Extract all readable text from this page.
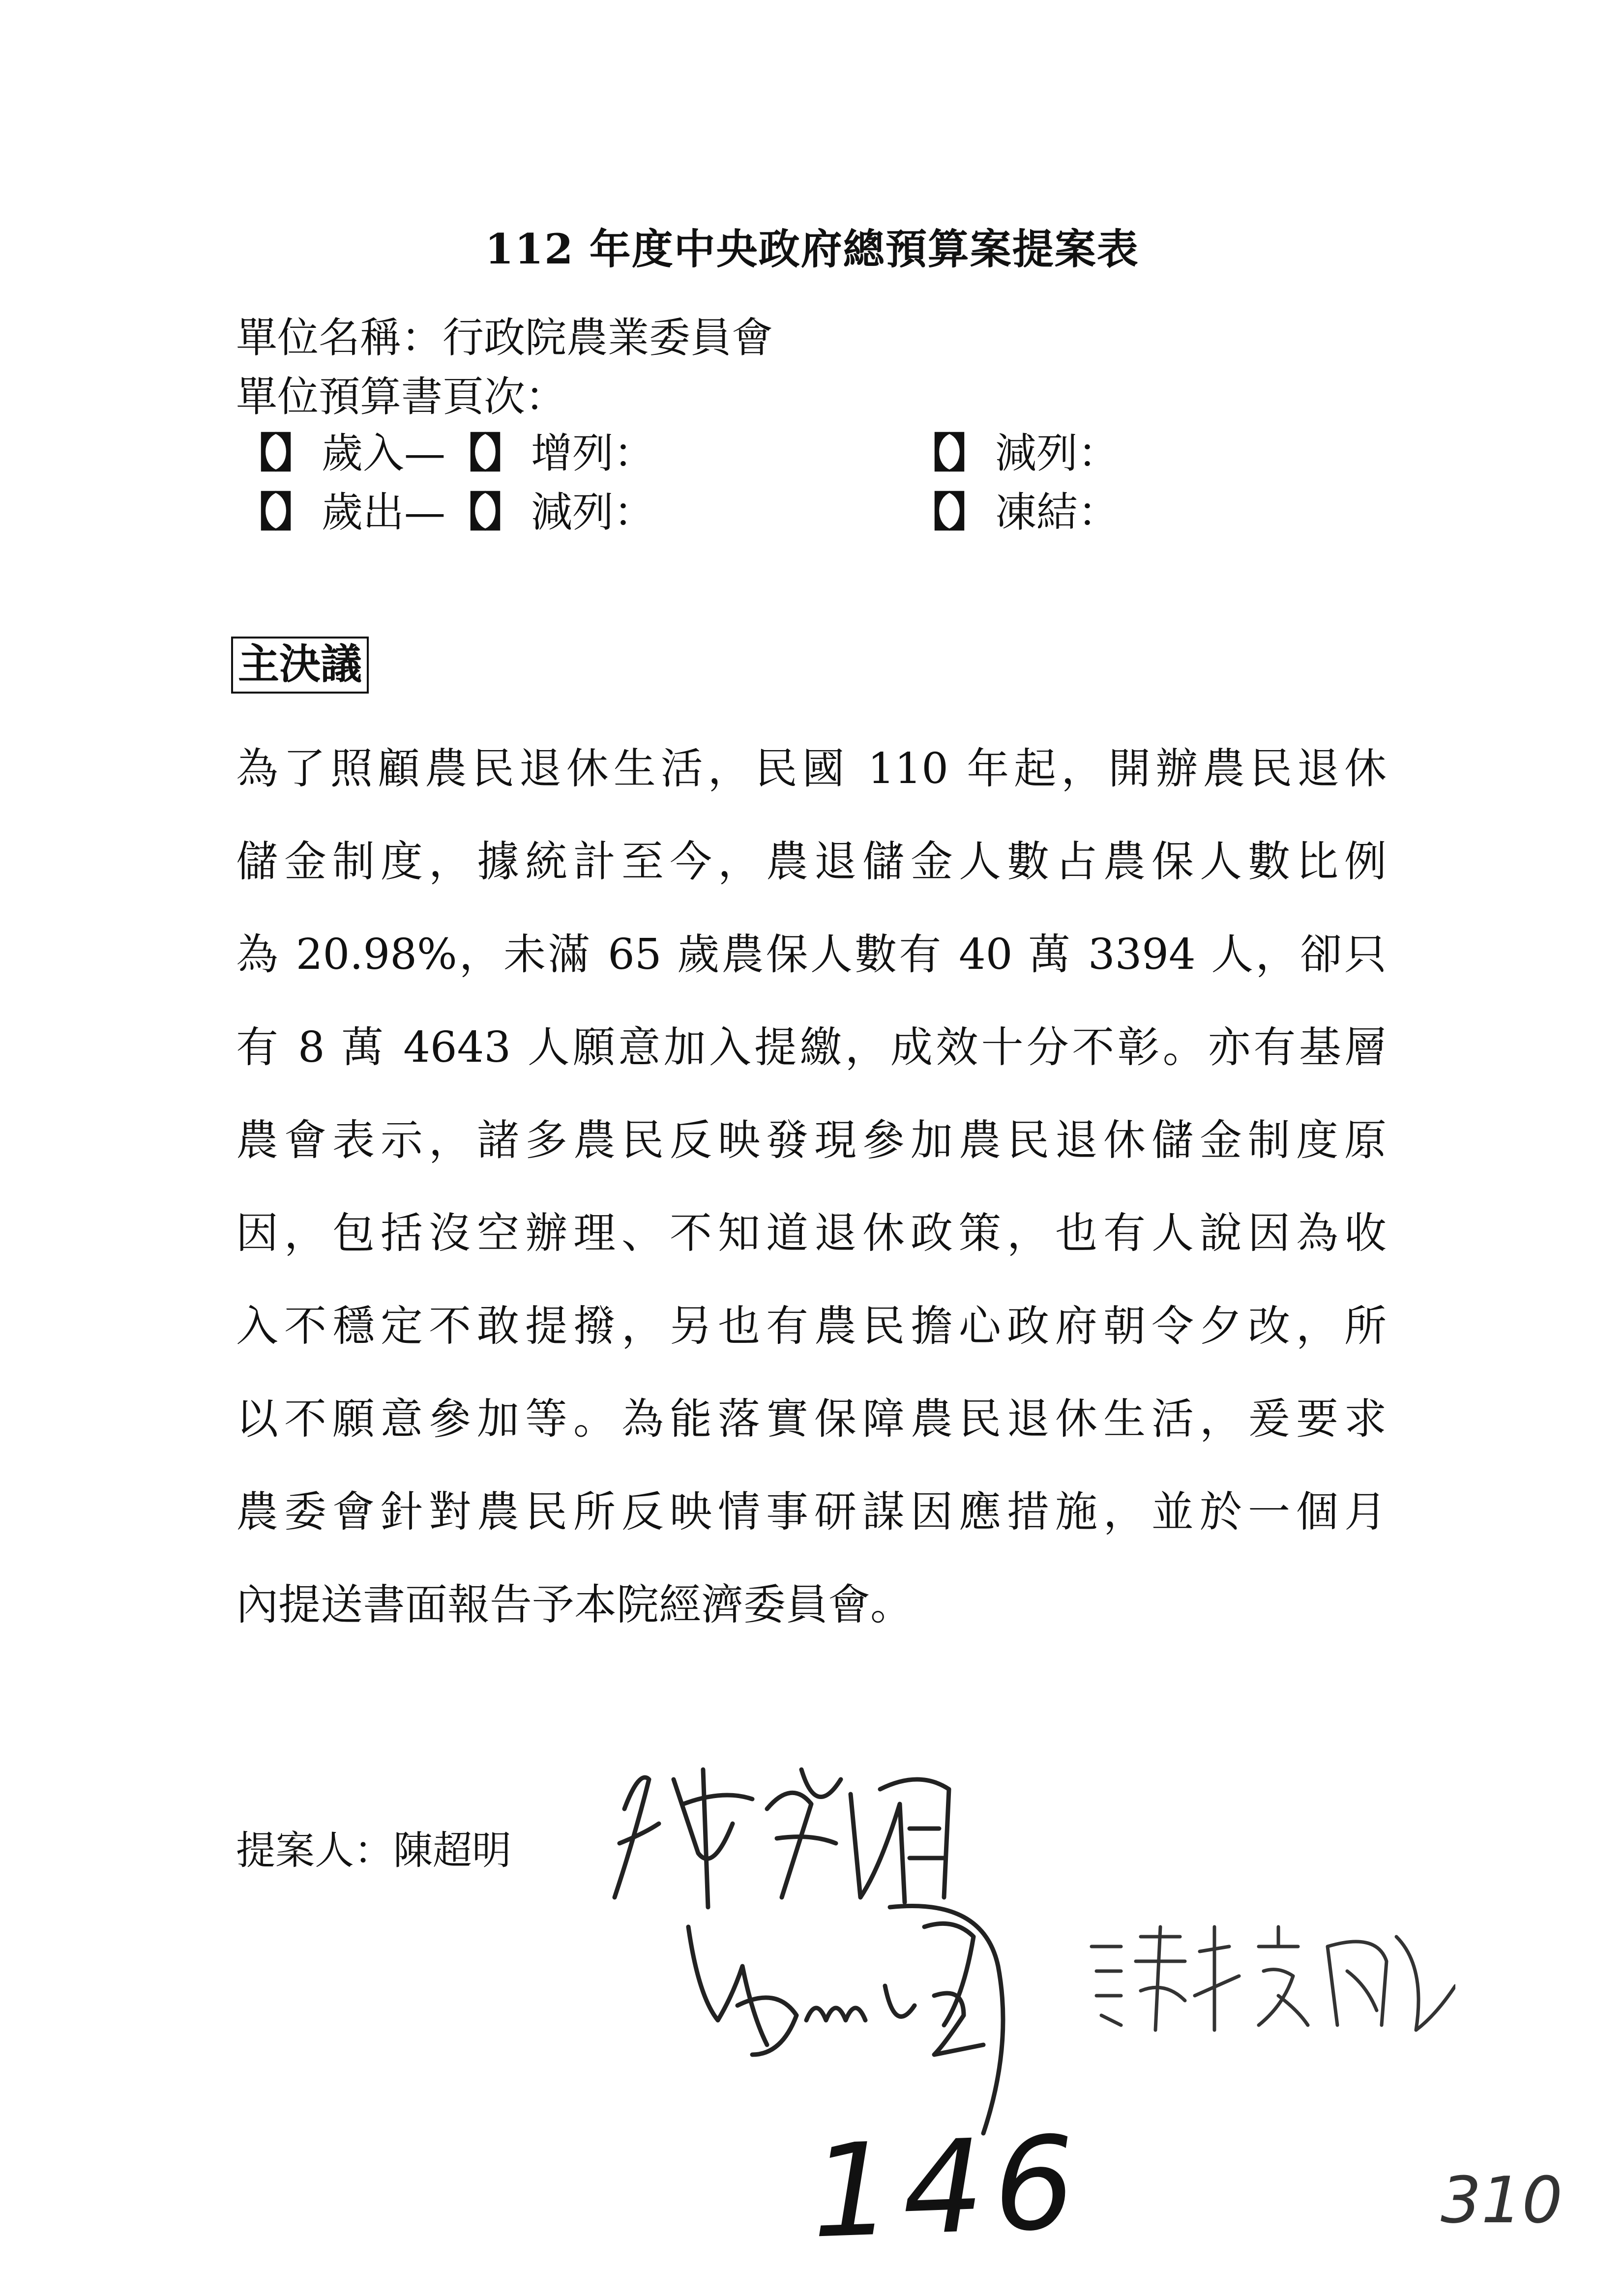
112 年度中央政府總預算案提案表
單位名稱：行政院農業委員會
單位預算書頁次：
【】 歲入—【】 增列：	【】 減列：
【】 歲出—【】 減列：	【】 凍結：
主決議
為了照顧農民退休生活，民國 110 年起，開辦農民退休
儲金制度，據統計至今，農退儲金人數占農保人數比例
為 20.98%，未滿 65 歲農保人數有 40 萬 3394 人，卻只
有 8 萬 4643 人願意加入提繳，成效十分不彰。亦有基層
農會表示，諸多農民反映發現參加農民退休儲金制度原
因，包括沒空辦理、不知道退休政策，也有人說因為收
入不穩定不敢提撥，另也有農民擔心政府朝令夕改，所
以不願意參加等。為能落實保障農民退休生活，爰要求
農委會針對農民所反映情事研謀因應措施，並於一個月
內提送書面報告予本院經濟委員會。
提案人：陳超明
146	310
